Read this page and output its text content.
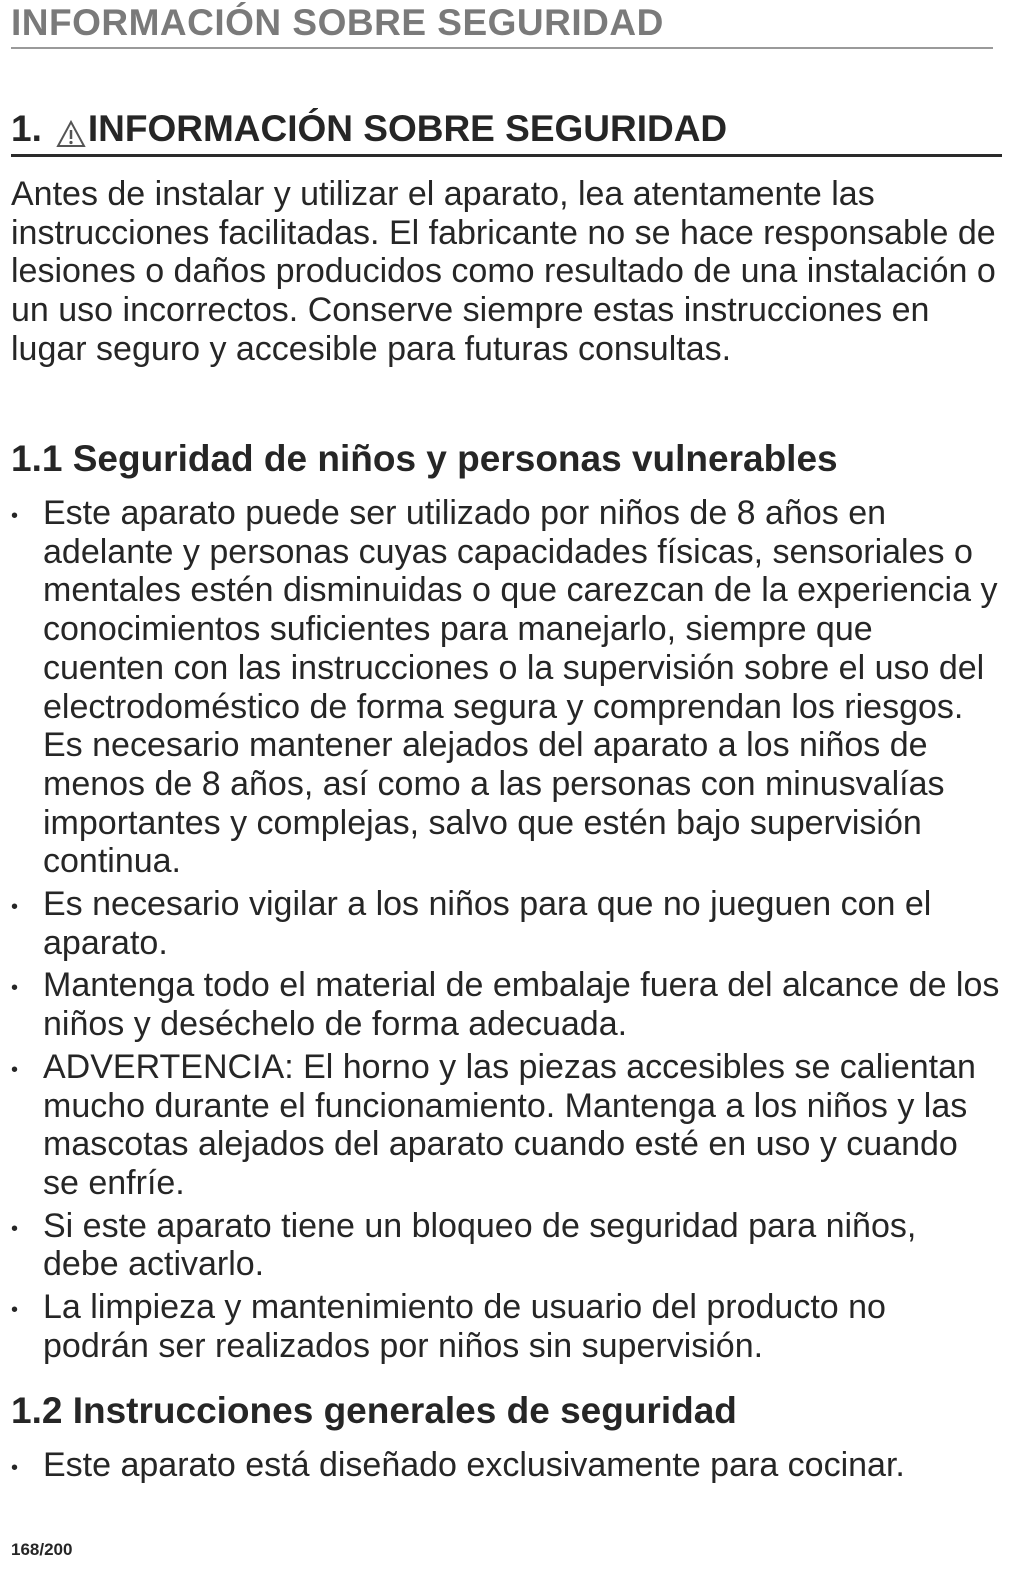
INFORMACIÓN SOBRE SEGURIDAD
1. INFORMACIÓN SOBRE SEGURIDAD

Antes de instalar y utilizar el aparato, lea atentamente las instrucciones facilitadas. El fabricante no se hace responsable de lesiones o daños producidos como resultado de una instalación o un uso incorrectos. Conserve siempre estas instrucciones en lugar seguro y accesible para futuras consultas.

1.1 Seguridad de niños y personas vulnerables
• Este aparato puede ser utilizado por niños de 8 años en adelante y personas cuyas capacidades físicas, sensoriales o mentales estén disminuidas o que carezcan de la experiencia y conocimientos suficientes para manejarlo, siempre que cuenten con las instrucciones o la supervisión sobre el uso del electrodoméstico de forma segura y comprendan los riesgos. Es necesario mantener alejados del aparato a los niños de menos de 8 años, así como a las personas con minusvalías importantes y complejas, salvo que estén bajo supervisión continua.
• Es necesario vigilar a los niños para que no jueguen con el aparato.
• Mantenga todo el material de embalaje fuera del alcance de los niños y deséchelo de forma adecuada.
• ADVERTENCIA: El horno y las piezas accesibles se calientan mucho durante el funcionamiento. Mantenga a los niños y las mascotas alejados del aparato cuando esté en uso y cuando se enfríe.
• Si este aparato tiene un bloqueo de seguridad para niños, debe activarlo.
• La limpieza y mantenimiento de usuario del producto no podrán ser realizados por niños sin supervisión.
1.2 Instrucciones generales de seguridad
• Este aparato está diseñado exclusivamente para cocinar.
168/200
